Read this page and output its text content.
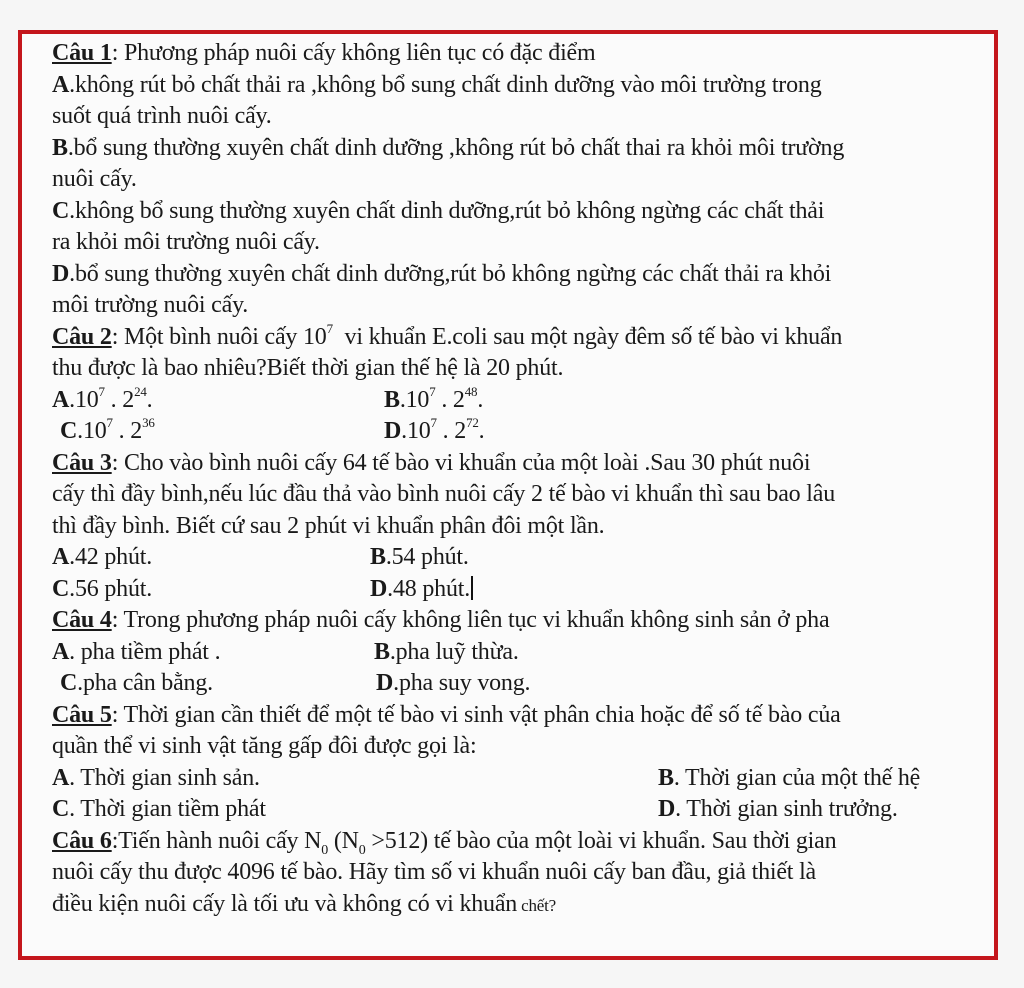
Câu 1: Phương pháp nuôi cấy không liên tục có đặc điểm
A.không rút bỏ chất thải ra ,không bổ sung chất dinh dưỡng vào môi trường trong
suốt quá trình nuôi cấy.
B.bổ sung thường xuyên chất dinh dưỡng ,không rút bỏ chất thai ra khỏi môi trường
nuôi cấy.
C.không bổ sung thường xuyên chất dinh dưỡng,rút bỏ không ngừng các chất thải
ra khỏi môi trường nuôi cấy.
D.bổ sung thường xuyên chất dinh dưỡng,rút bỏ không ngừng các chất thải ra khỏi
môi trường nuôi cấy.
Câu 2: Một bình nuôi cấy $10^7$  vi khuẩn E.coli sau một ngày đêm số tế bào vi khuẩn
thu được là bao nhiêu?Biết thời gian thế hệ là 20 phút.
$A.10^7$ . $2^{24}$.	$B.10^7$ . $2^{48}$.
$C.10^7$ . $2^{36}$	$D.10^7$ . $2^{72}$.
Câu 3: Cho vào bình nuôi cấy 64 tế bào vi khuẩn của một loài .Sau 30 phút nuôi
cấy thì đầy bình,nếu lúc đầu thả vào bình nuôi cấy 2 tế bào vi khuẩn thì sau bao lâu
thì đầy bình. Biết cứ sau 2 phút vi khuẩn phân đôi một lần.
A.42 phút.	B.54 phút.
C.56 phút.	D.48 phút.
Câu 4: Trong phương pháp nuôi cấy không liên tục vi khuẩn không sinh sản ở pha
A. pha tiềm phát .	B.pha luỹ thừa.
C.pha cân bằng.	D.pha suy vong.
Câu 5: Thời gian cần thiết để một tế bào vi sinh vật phân chia hoặc để số tế bào của
quần thể vi sinh vật tăng gấp đôi được gọi là:
A. Thời gian sinh sản.	B. Thời gian của một thế hệ
C. Thời gian tiềm phát	D. Thời gian sinh trưởng.
Câu 6:Tiến hành nuôi cấy $N_0$ $(N_0 >512)$ tế bào của một loài vi khuẩn. Sau thời gian
nuôi cấy thu được 4096 tế bào. Hãy tìm số vi khuẩn nuôi cấy ban đầu, giả thiết là
điều kiện nuôi cấy là tối ưu và không có vi khuẩn chết?
